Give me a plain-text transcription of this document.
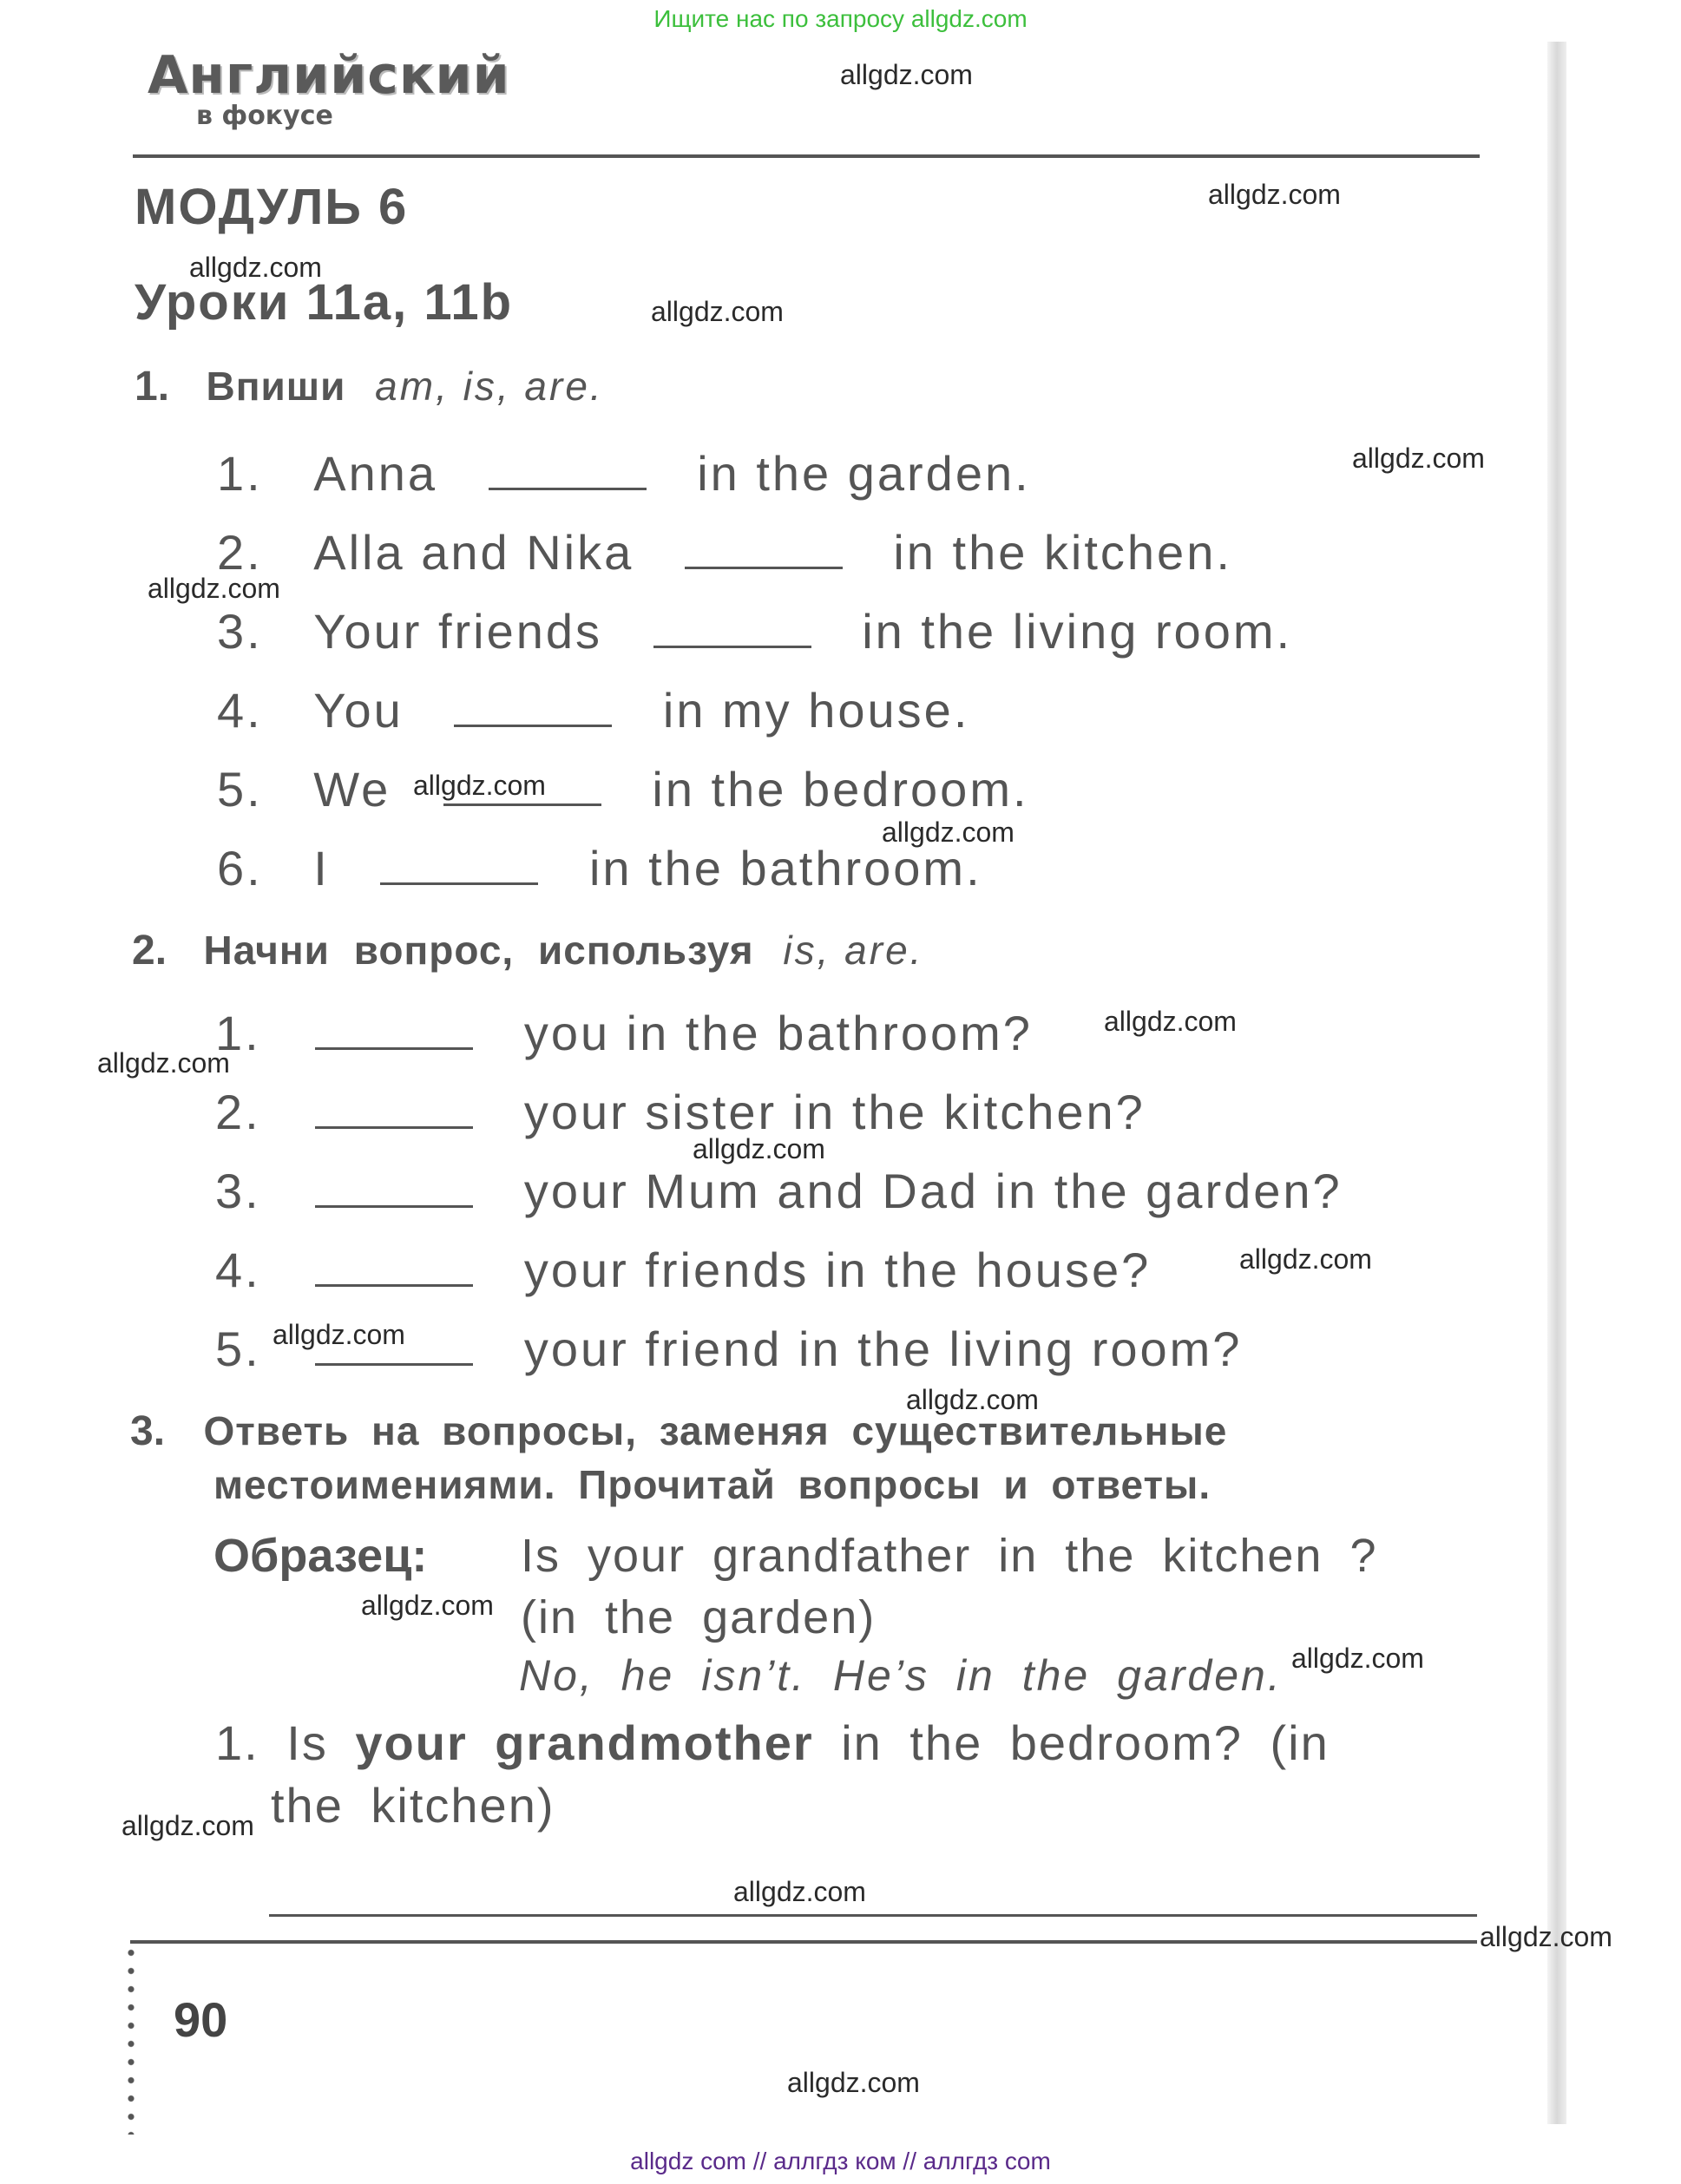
Ищите нас по запросу allgdz.com
Английский
в фокусе
allgdz.com
allgdz.com
allgdz.com
allgdz.com
allgdz.com
allgdz.com
allgdz.com
allgdz.com
allgdz.com
allgdz.com
allgdz.com
allgdz.com
allgdz.com
allgdz.com
allgdz.com
allgdz.com
allgdz.com
allgdz.com
allgdz.com
allgdz.com
МОДУЛЬ 6
Уроки 11a, 11b
1. Впиши am, is, are.
1. Anna	in the garden.
2. Alla and Nika	in the kitchen.
3. Your friends	in the living room.
4. You	in my house.
5. We	in the bedroom.
6. I	in the bathroom.
2. Начни вопрос, используя is, are.
1.	you in the bathroom?
2.	your sister in the kitchen?
3.	your Mum and Dad in the garden?
4.	your friends in the house?
5.	your friend in the living room?
3. Ответь на вопросы, заменяя существительные
местоимениями. Прочитай вопросы и ответы.
Образец: Is your grandfather in the kitchen ?
(in the garden)
No, he isn’t. He’s in the garden.
1. Is your grandmother in the bedroom? (in
the kitchen)
90
allgdz com // аллгдз ком // аллгдз com
